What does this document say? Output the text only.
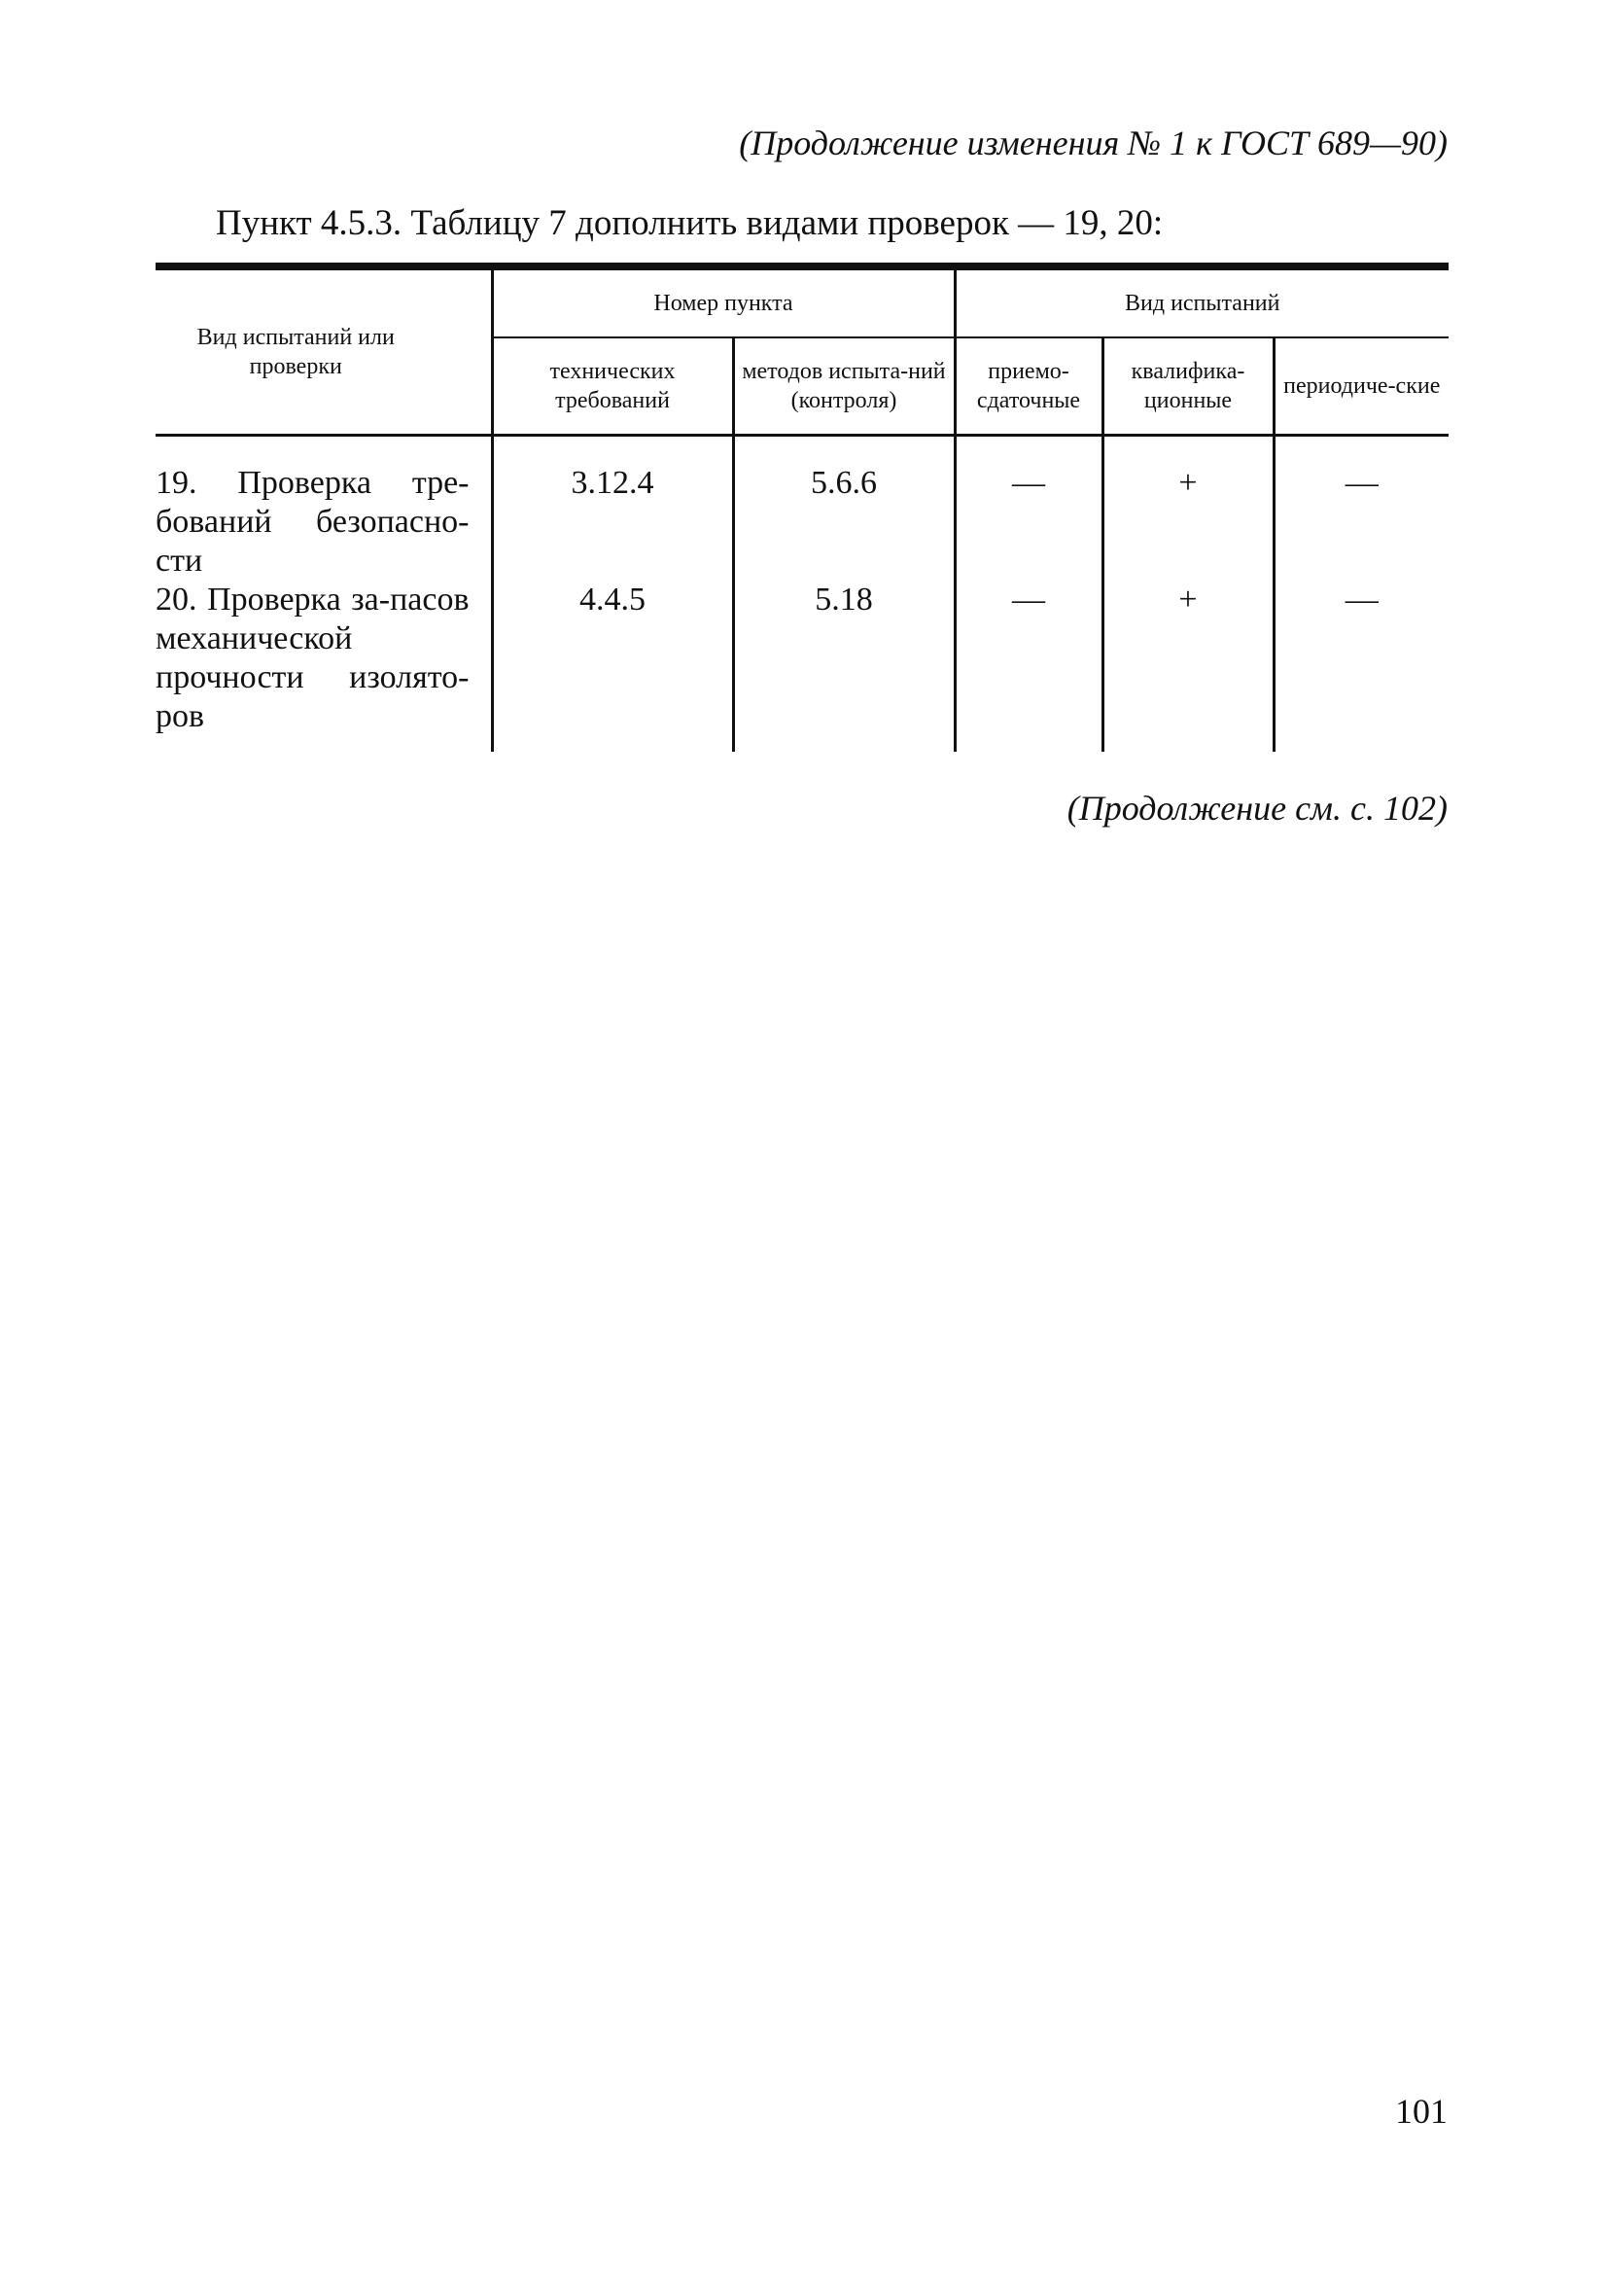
(Продолжение изменения № 1 к ГОСТ 689—90)
Пункт 4.5.3. Таблицу 7 дополнить видами проверок — 19, 20:
Вид испытаний или проверки	Номер пункта		Вид испытаний		
	технических требований	методов испыта-ний (контроля)	приемо-сдаточные	квалифика-ционные	периодиче-ские
19. Проверка тре-бований безопасно-сти	3.12.4	5.6.6	—	+	—
20. Проверка за-пасов механической прочности изолято-ров	4.4.5	5.18	—	+	—
(Продолжение см. с. 102)
101
